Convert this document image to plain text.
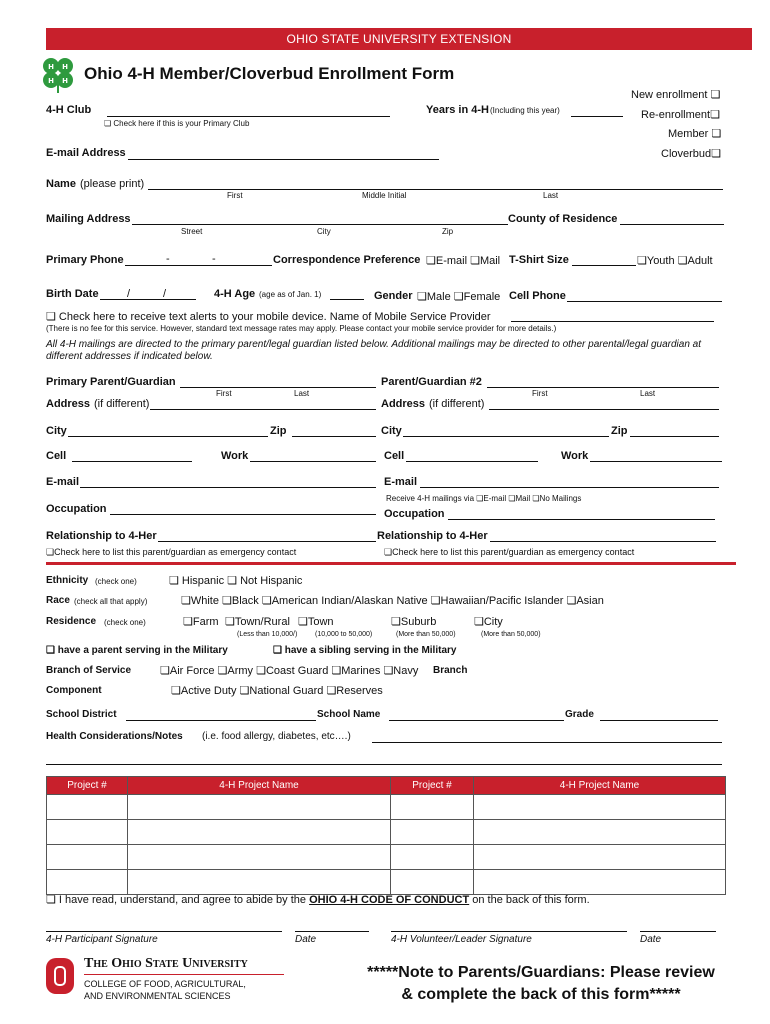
OHIO STATE UNIVERSITY EXTENSION
H H
H H Ohio 4-H Member/Cloverbud Enrollment Form
New enrollment ❏
Re-enrollment❏
Member ❏
Cloverbud❏
4-H Club
❏ Check here if this is your Primary Club
Years in 4-H (Including this year)
E-mail Address
Name (please print)
First	Middle Initial	Last
Mailing Address	County of Residence
Street	City	Zip
Primary Phone	-	-	Correspondence Preference ❏E-mail ❏Mail T-Shirt Size	❏Youth ❏Adult
Birth Date	/	/	4-H Age (age as of Jan. 1)	Gender ❏Male ❏Female Cell Phone
❏ Check here to receive text alerts to your mobile device. Name of Mobile Service Provider
(There is no fee for this service. However, standard text message rates may apply. Please contact your mobile service provider for more details.)
All 4-H mailings are directed to the primary parent/legal guardian listed below. Additional mailings may be directed to other parental/legal guardian at different addresses if indicated below.
Primary Parent/Guardian
First	Last
Address (if different)
City	Zip
Cell	Work
E-mail
Occupation
Relationship to 4-Her
❏Check here to list this parent/guardian as emergency contact
Parent/Guardian #2
First	Last
Address (if different)
City	Zip
Cell	Work
E-mail
Receive 4-H mailings via ❏E-mail ❏Mail ❏No Mailings
Occupation
Relationship to 4-Her
❏Check here to list this parent/guardian as emergency contact
Ethnicity (check one)	❏ Hispanic ❏ Not Hispanic
Race (check all that apply)	❏White ❏Black ❏American Indian/Alaskan Native ❏Hawaiian/Pacific Islander ❏Asian
Residence (check one)	❏Farm ❏Town/Rural ❏Town	❏Suburb	❏City
(Less than 10,000/)	(10,000 to 50,000)	(More than 50,000)	(More than 50,000)
❏ have a parent serving in the Military	❏ have a sibling serving in the Military
Branch of Service	❏Air Force ❏Army ❏Coast Guard ❏Marines ❏Navy Branch
Component	❏Active Duty ❏National Guard ❏Reserves
School District	School Name	Grade
Health Considerations/Notes (i.e. food allergy, diabetes, etc….)
Project #	4-H Project Name	Project #	4-H Project Name

❏ I have read, understand, and agree to abide by the OHIO 4-H CODE OF CONDUCT on the back of this form.
4-H Participant Signature	Date	4-H Volunteer/Leader Signature	Date
The Ohio State University
COLLEGE OF FOOD, AGRICULTURAL,
AND ENVIRONMENTAL SCIENCES
*****Note to Parents/Guardians: Please review
& complete the back of this form*****
